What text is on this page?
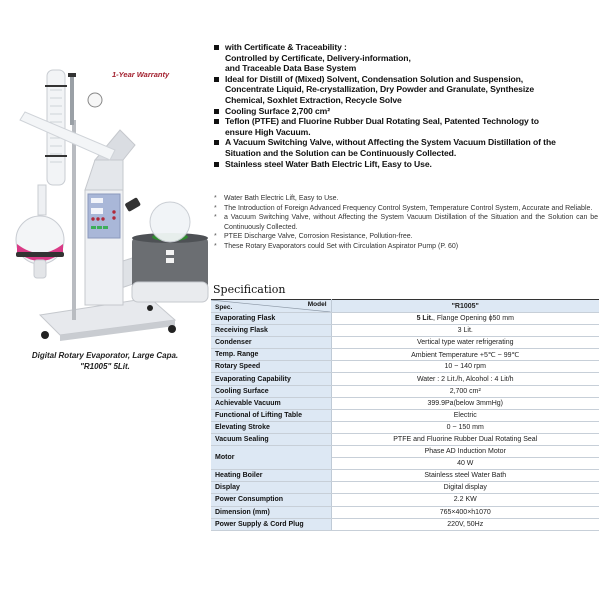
1-Year Warranty
Digital Rotary Evaporator, Large Capa.
"R1005" 5Lit.
with Certificate & Traceability :
Controlled by Certificate, Delivery-information,
and Traceable Data Base System
Ideal for Distill of (Mixed) Solvent, Condensation Solution and Suspension,
Concentrate Liquid, Re-crystallization, Dry Powder and Granulate, Synthesize
Chemical, Soxhlet Extraction, Recycle Solve
Cooling Surface 2,700 cm²
Teflon (PTFE) and Fluorine Rubber Dual Rotating Seal, Patented Technology to
ensure High Vacuum.
A Vacuum Switching Valve, without Affecting the System Vacuum Distillation of the
Situation and the Solution can be Continuously Collected.
Stainless steel Water Bath Electric Lift, Easy to Use.
* Water Bath Electric Lift, Easy to Use.
* The Introduction of Foreign Advanced Frequency Control System, Temperature Control System, Accurate and Reliable.
* a Vacuum Switching Valve, without Affecting the System Vacuum Distillation of the Situation and the Solution can be Continuously Collected.
* PTEE Discharge Valve, Corrosion Resistance, Pollution-free.
* These Rotary Evaporators could Set with Circulation Aspirator Pump (P. 60)
Specification
Spec. Model	"R1005"
Evaporating Flask	5 Lit., Flange Opening ϕ50 mm
Receiving Flask	3 Lit.
Condenser	Vertical type water refrigerating
Temp. Range	Ambient Temperature +5℃ ~ 99℃
Rotary Speed	10 ~ 140 rpm
Evaporating Capability	Water : 2 Lit./h, Alcohol : 4 Lit/h
Cooling Surface	2,700 cm²
Achievable Vacuum	399.9Pa(below 3mmHg)
Functional of Lifting Table	Electric
Elevating Stroke	0 ~ 150 mm
Vacuum Sealing	PTFE and Fluorine Rubber Dual Rotating Seal
Motor	Phase AD Induction Motor
	40 W
Heating Boiler	Stainless steel Water Bath
Display	Digital display
Power Consumption	2.2 KW
Dimension (mm)	765×400×h1070
Power Supply & Cord Plug	220V, 50Hz
